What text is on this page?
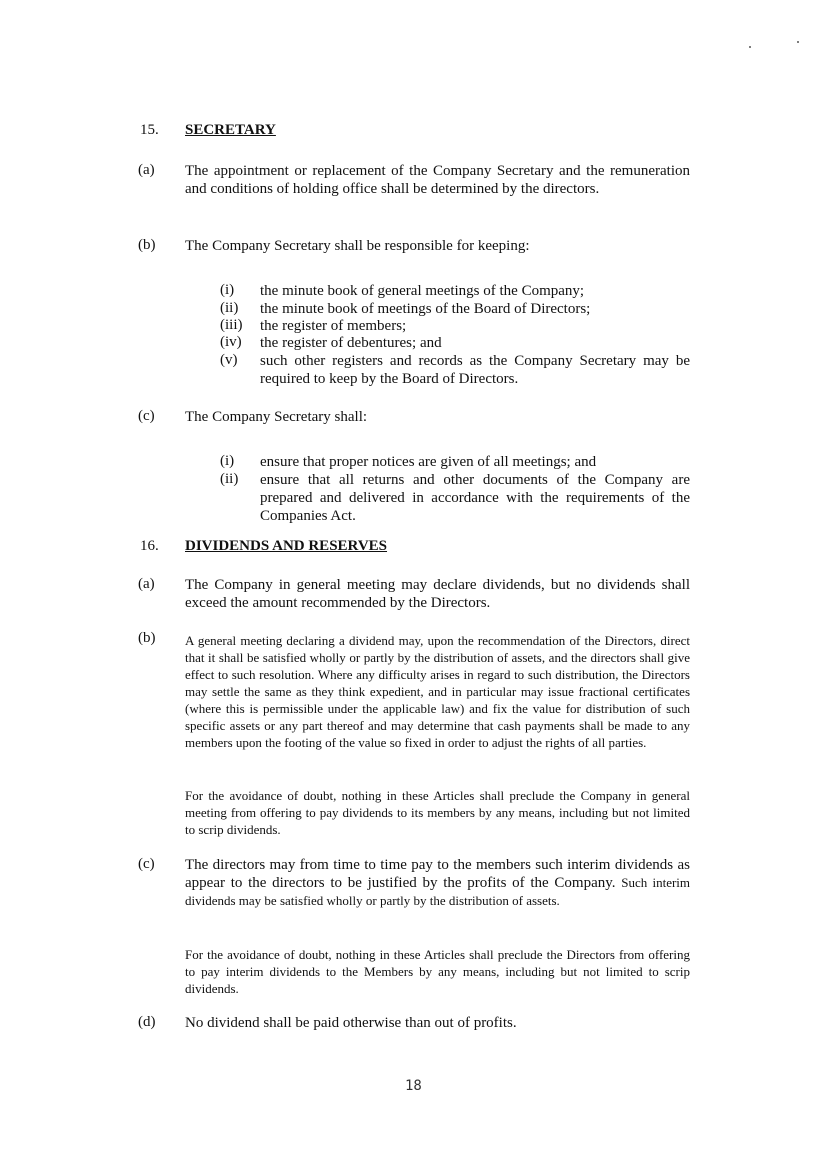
15. SECRETARY
(a) The appointment or replacement of the Company Secretary and the remuneration and conditions of holding office shall be determined by the directors.

(b) The Company Secretary shall be responsible for keeping:

(i) the minute book of general meetings of the Company;

(ii) the minute book of meetings of the Board of Directors;

(iii) the register of members;

(iv) the register of debentures; and

(v) such other registers and records as the Company Secretary may be required to keep by the Board of Directors.

(c) The Company Secretary shall:

(i) ensure that proper notices are given of all meetings; and

(ii) ensure that all returns and other documents of the Company are prepared and delivered in accordance with the requirements of the Companies Act.

16. DIVIDENDS AND RESERVES
(a) The Company in general meeting may declare dividends, but no dividends shall exceed the amount recommended by the Directors.

(b) A general meeting declaring a dividend may, upon the recommendation of the Directors, direct that it shall be satisfied wholly or partly by the distribution of assets, and the directors shall give effect to such resolution. Where any difficulty arises in regard to such distribution, the Directors may settle the same as they think expedient, and in particular may issue fractional certificates (where this is permissible under the applicable law) and fix the value for distribution of such specific assets or any part thereof and may determine that cash payments shall be made to any members upon the footing of the value so fixed in order to adjust the rights of all parties.

For the avoidance of doubt, nothing in these Articles shall preclude the Company in general meeting from offering to pay dividends to its members by any means, including but not limited to scrip dividends.

(c) The directors may from time to time pay to the members such interim dividends as appear to the directors to be justified by the profits of the Company. Such interim dividends may be satisfied wholly or partly by the distribution of assets.

For the avoidance of doubt, nothing in these Articles shall preclude the Directors from offering to pay interim dividends to the Members by any means, including but not limited to scrip dividends.

(d) No dividend shall be paid otherwise than out of profits.

18
